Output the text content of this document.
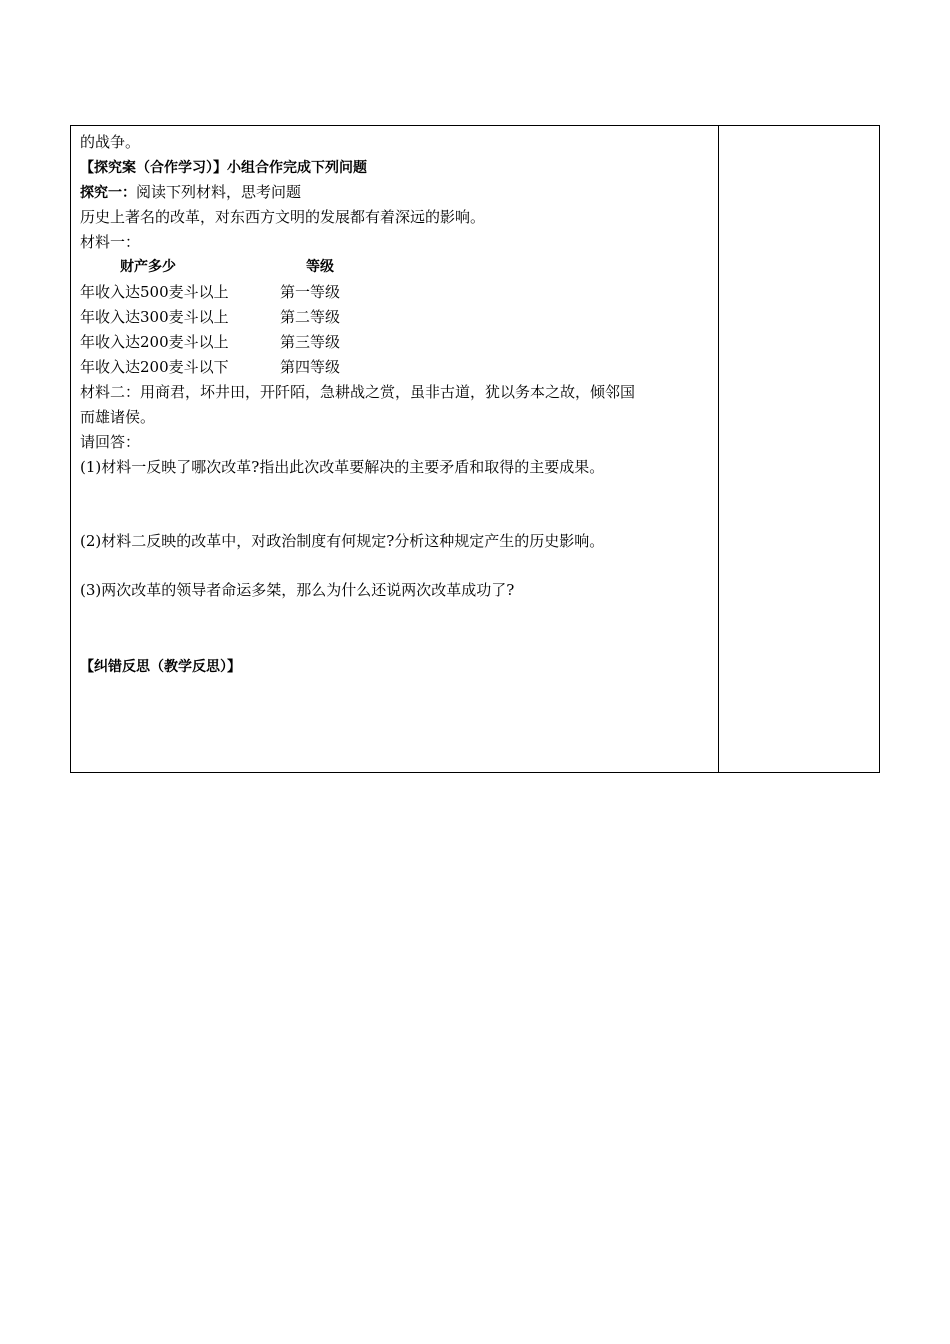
的战争。
【探究案（合作学习）】小组合作完成下列问题
探究一：阅读下列材料，思考问题
历史上著名的改革，对东西方文明的发展都有着深远的影响。
材料一：
财产多少	等级
年收入达500麦斗以上	第一等级
年收入达300麦斗以上	第二等级
年收入达200麦斗以上	第三等级
年收入达200麦斗以下	第四等级
材料二：用商君，坏井田，开阡陌，急耕战之赏，虽非古道，犹以务本之故，倾邻国
而雄诸侯。
请回答：
(1)材料一反映了哪次改革?指出此次改革要解决的主要矛盾和取得的主要成果。
(2)材料二反映的改革中，对政治制度有何规定?分析这种规定产生的历史影响。
(3)两次改革的领导者命运多桀，那么为什么还说两次改革成功了?
【纠错反思（教学反思）】
